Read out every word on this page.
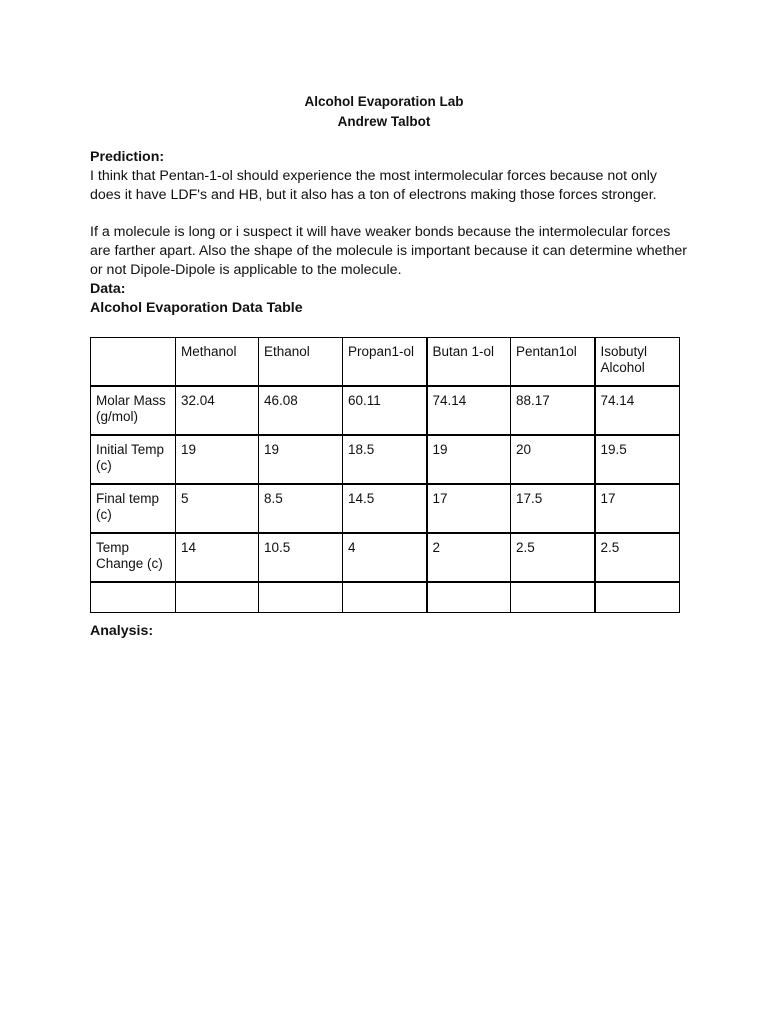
Alcohol Evaporation Lab
Andrew Talbot
Prediction:
I think that Pentan-1-ol should experience the most intermolecular forces because not only does it have LDF's and HB, but it also has a ton of electrons making those forces stronger.
If a molecule is long or i suspect it will have weaker bonds because the intermolecular forces are farther apart. Also the shape of the molecule is important because it can determine whether or not Dipole-Dipole is applicable to the molecule.
Data:
Alcohol Evaporation Data Table
	Methanol	Ethanol	Propan1-ol	Butan 1-ol	Pentan1ol	Isobutyl Alcohol
Molar Mass (g/mol)	32.04	46.08	60.11	74.14	88.17	74.14
Initial Temp (c)	19	19	18.5	19	20	19.5
Final temp (c)	5	8.5	14.5	17	17.5	17
Temp Change (c)	14	10.5	4	2	2.5	2.5

Analysis:
